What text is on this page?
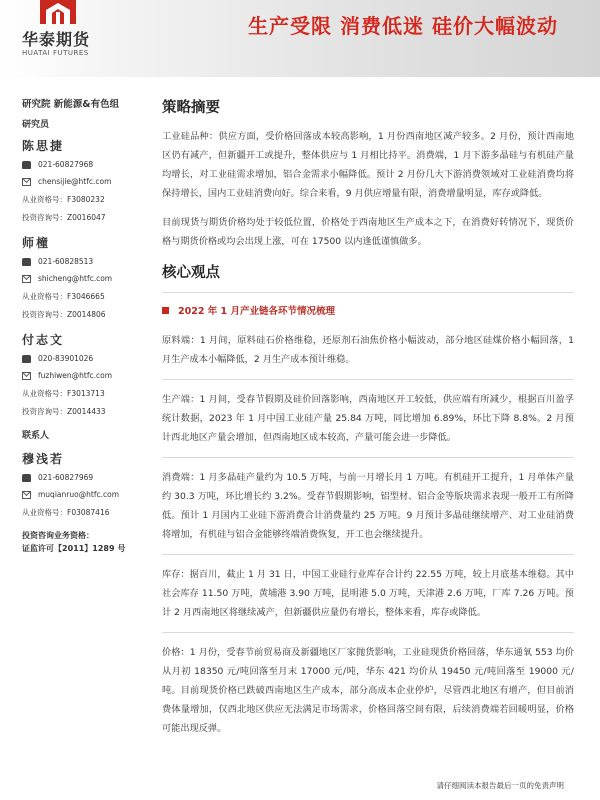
华泰期货
HUATAI FUTURES
生产受限 消费低迷 硅价大幅波动
研究院 新能源&有色组
研究员
陈思捷
021-60827968
chensijie@htfc.com
从业资格号：F3080232
投资咨询号：Z0016047
师橦
021-60828513
shicheng@htfc.com
从业资格号：F3046665
投资咨询号：Z0014806
付志文
020-83901026
fuzhiwen@htfc.com
从业资格号：F3013713
投资咨询号：Z0014433
联系人
穆浅若
021-60827969
muqianruo@htfc.com
从业资格号：F03087416
投资咨询业务资格：
证监许可【2011】1289 号
策略摘要

工业硅品种：供应方面，受价格回落成本较高影响，1 月份西南地区减产较多。2 月份，预计西南地区仍有减产，但新疆开工或提升，整体供应与 1 月相比持平。消费端，1 月下游多晶硅与有机硅产量均增长，对工业硅需求增加，铝合金需求小幅降低。预计 2 月份几大下游消费领域对工业硅消费均将保持增长，国内工业硅消费向好。综合来看，9 月供应增量有限，消费增量明显，库存或降低。

目前现货与期货价格均处于较低位置，价格处于西南地区生产成本之下，在消费好转情况下，现货价格与期货价格或均会出现上涨，可在 17500 以内逢低谨慎做多。

核心观点
2022 年 1 月产业链各环节情况梳理

原料端：1 月间，原料硅石价格维稳，还原剂石油焦价格小幅波动，部分地区硅煤价格小幅回落，1 月生产成本小幅降低，2 月生产成本预计维稳。

生产端：1 月间，受春节假期及硅价回落影响，西南地区开工较低，供应端有所减少，根据百川盈孚统计数据，2023 年 1 月中国工业硅产量 25.84 万吨，同比增加 6.89%，环比下降 8.8%。2 月预计西北地区产量会增加，但西南地区成本较高，产量可能会进一步降低。

消费端：1 月多晶硅产量约为 10.5 万吨，与前一月增长月 1 万吨。有机硅开工提升，1 月单体产量约 30.3 万吨，环比增长约 3.2%。受春节假期影响，铝型材、铝合金等版块需求表现一般开工有所降低。预计 1 月国内工业硅下游消费合计消费量约 25 万吨。9 月预计多晶硅继续增产、对工业硅消费将增加，有机硅与铝合金能够终端消费恢复，开工也会继续提升。

库存：据百川，截止 1 月 31 日，中国工业硅行业库存合计约 22.55 万吨，较上月底基本维稳。其中社会库存 11.50 万吨，黄埔港 3.90 万吨，昆明港 5.0 万吨，天津港 2.6 万吨，厂库 7.26 万吨。预计 2 月西南地区将继续减产，但新疆供应量仍有增长，整体来看，库存或降低。

价格：1 月份，受春节前贸易商及新疆地区厂家抛货影响，工业硅现货价格回落，华东通氧 553 均价从月初 18350 元/吨回落至月末 17000 元/吨，华东 421 均价从 19450 元/吨回落至 19000 元/吨。目前现货价格已跌破西南地区生产成本，部分高成本企业停炉，尽管西北地区有增产，但目前消费体量增加，仅西北地区供应无法满足市场需求，价格回落空间有限，后续消费端若回暖明显，价格可能出现反弹。

请仔细阅读本报告最后一页的免责声明
